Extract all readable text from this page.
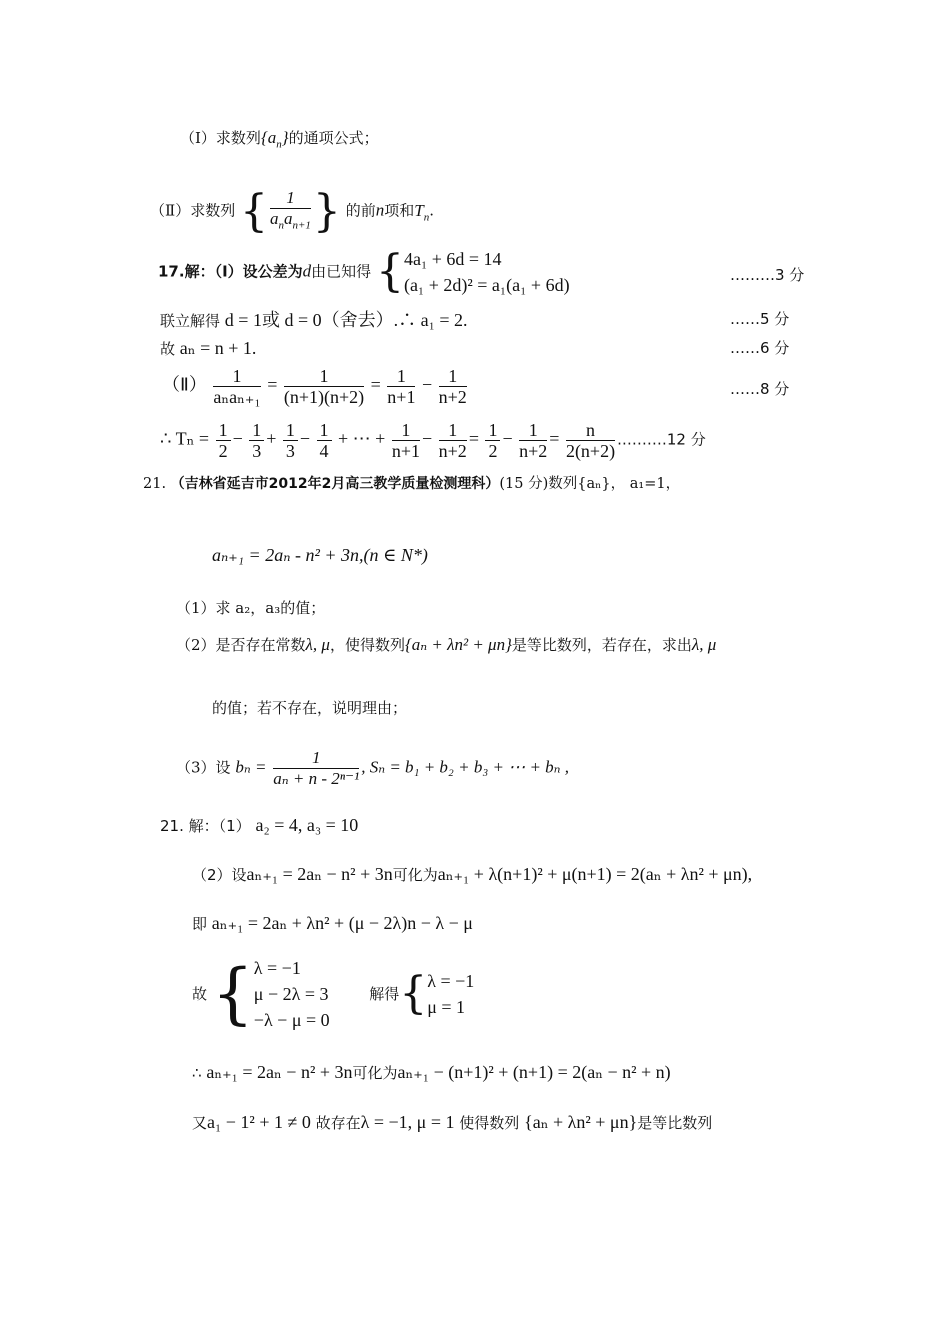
（Ⅰ）求数列$\{a_n\}$的通项公式；
（Ⅱ）求数列 { $\frac{1}{a_na_{n+1}}$ } 的前n项和$T_n$.
17.解：（Ⅰ）设公差为d由已知得 { 4a₁ + 6d = 14
(a₁ + 2d)² = a₁(a₁ + 6d)	………3 分
联立解得 d = 1或 d = 0（舍去）.∴ a₁ = 2.	……5 分
故 aₙ = n + 1.	……6 分
（Ⅱ） $\frac{1}{\text{aₙaₙ₊₁}} = \frac{1}{(n+1)(n+2)} = \frac{1}{n+1} - \frac{1}{n+2}$	……8 分
∴ $T_n = \frac{1}{2} - \frac{1}{3} + \frac{1}{3} - \frac{1}{4}$ + ⋯ + $\frac{1}{n+1} - \frac{1}{n+2} = \frac{1}{2} - \frac{1}{n+2} = \frac{n}{2(n+2)}$ .………12 分
21. （吉林省延吉市2012年2月高三教学质量检测理科）(15 分)数列{aₙ}， a₁=1，
aₙ₊₁ = 2aₙ - n² + 3n,(n ∈ N*)
（1）求 a₂，a₃的值；
（2）是否存在常数λ, μ，使得数列{aₙ + λn² + μn}是等比数列，若存在，求出λ, μ
的值；若不存在，说明理由；
（3）设 $b_n = \frac{1}{\text{aₙ + n - 2ⁿ⁻¹}}$ , Sₙ = b₁ + b₂ + b₃ + ⋯ + bₙ ,
21. 解：（1） a₂ = 4, a₃ = 10
（2）设aₙ₊₁ = 2aₙ − n² + 3n可化为aₙ₊₁ + λ(n+1)² + μ(n+1) = 2(aₙ + λn² + μn),
即 aₙ₊₁ = 2aₙ + λn² + (μ − 2λ)n − λ − μ
故 { λ = −1
μ − 2λ = 3
−λ − μ = 0
解得{ λ = −1
μ = 1
∴ aₙ₊₁ = 2aₙ − n² + 3n可化为aₙ₊₁ − (n+1)² + (n+1) = 2(aₙ − n² + n)
又a₁ − 1² + 1 ≠ 0 故存在λ = −1, μ = 1 使得数列 {aₙ + λn² + μn}是等比数列
